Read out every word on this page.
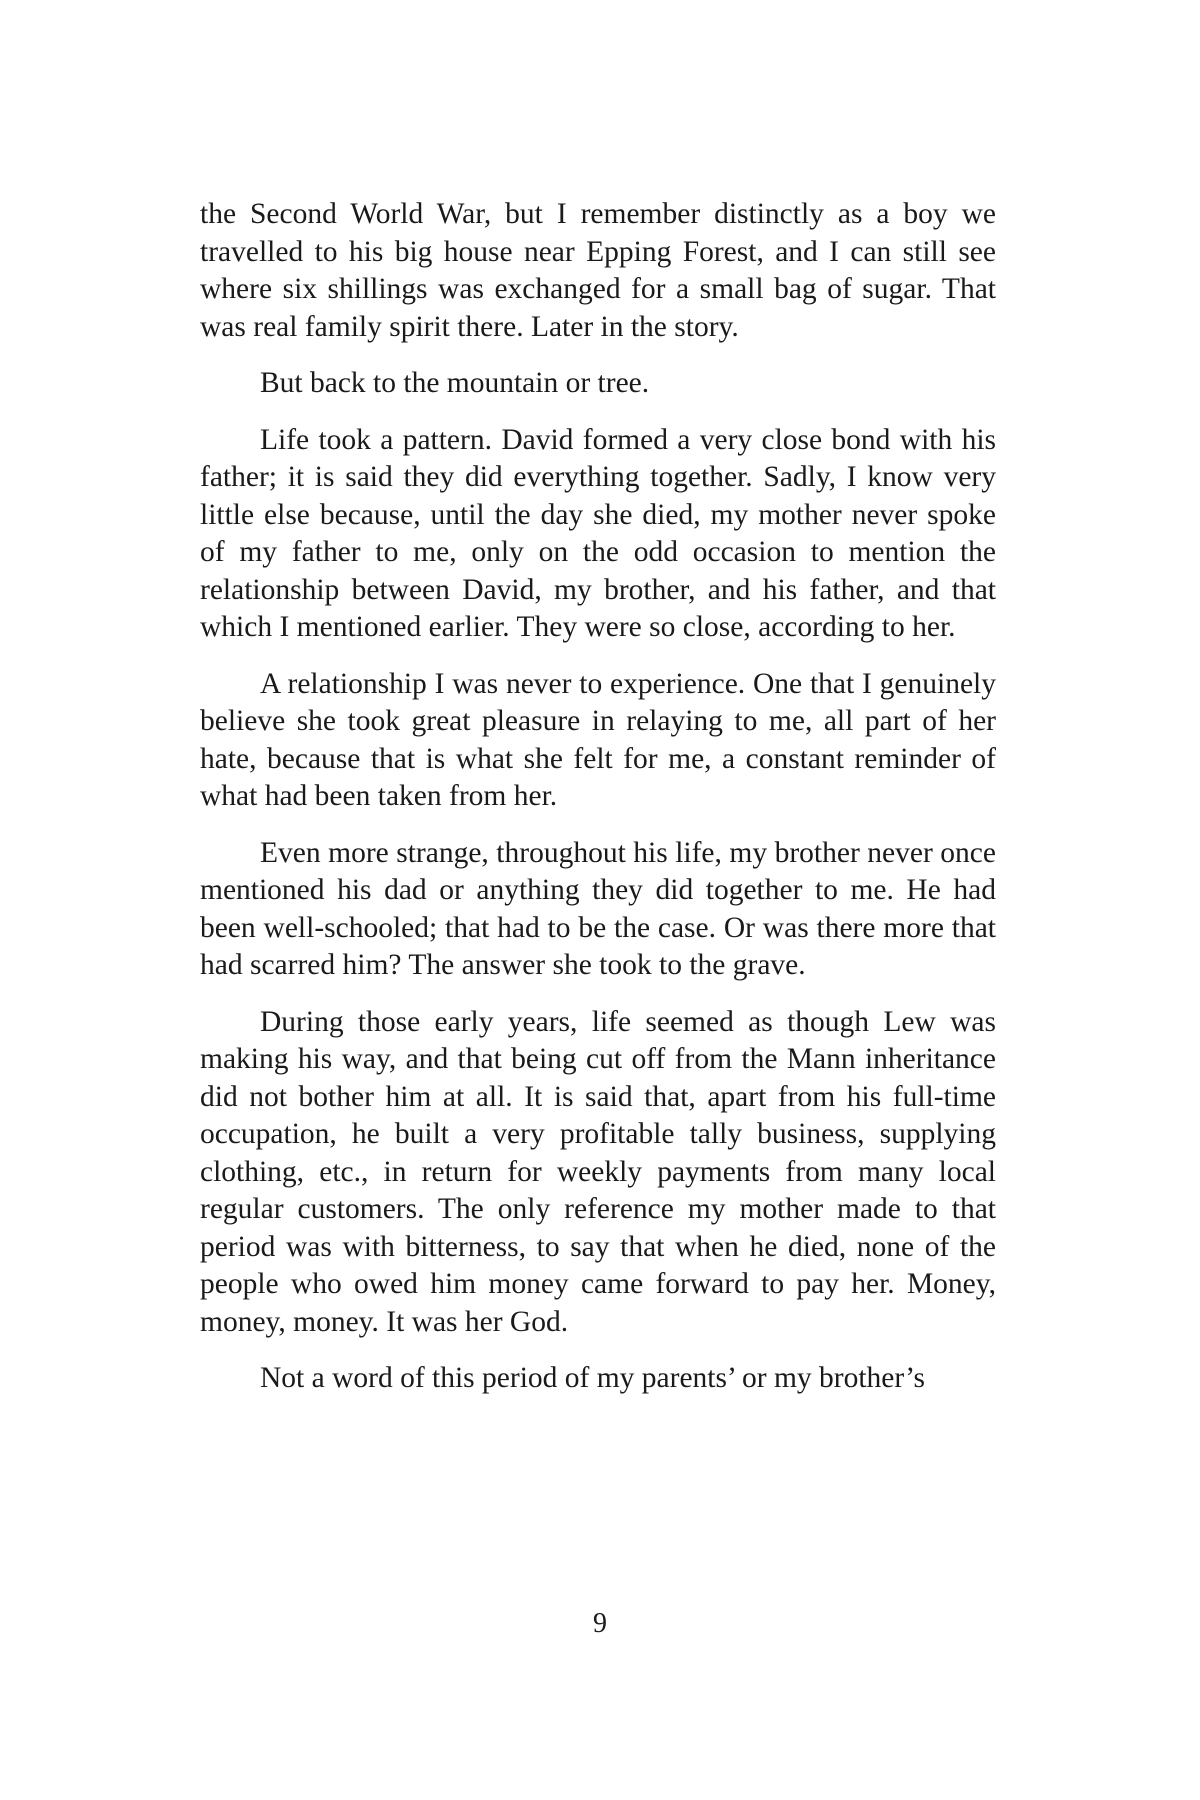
the Second World War, but I remember distinctly as a boy we travelled to his big house near Epping Forest, and I can still see where six shillings was exchanged for a small bag of sugar. That was real family spirit there. Later in the story.

But back to the mountain or tree.

Life took a pattern. David formed a very close bond with his father; it is said they did everything together. Sadly, I know very little else because, until the day she died, my mother never spoke of my father to me, only on the odd occasion to mention the relationship between David, my brother, and his father, and that which I mentioned earlier. They were so close, according to her.

A relationship I was never to experience. One that I genuinely believe she took great pleasure in relaying to me, all part of her hate, because that is what she felt for me, a constant reminder of what had been taken from her.

Even more strange, throughout his life, my brother never once mentioned his dad or anything they did together to me. He had been well-schooled; that had to be the case. Or was there more that had scarred him? The answer she took to the grave.

During those early years, life seemed as though Lew was making his way, and that being cut off from the Mann inheritance did not bother him at all. It is said that, apart from his full-time occupation, he built a very profitable tally business, supplying clothing, etc., in return for weekly payments from many local regular customers. The only reference my mother made to that period was with bitterness, to say that when he died, none of the people who owed him money came forward to pay her. Money, money, money. It was her God.

Not a word of this period of my parents’ or my brother’s

9
